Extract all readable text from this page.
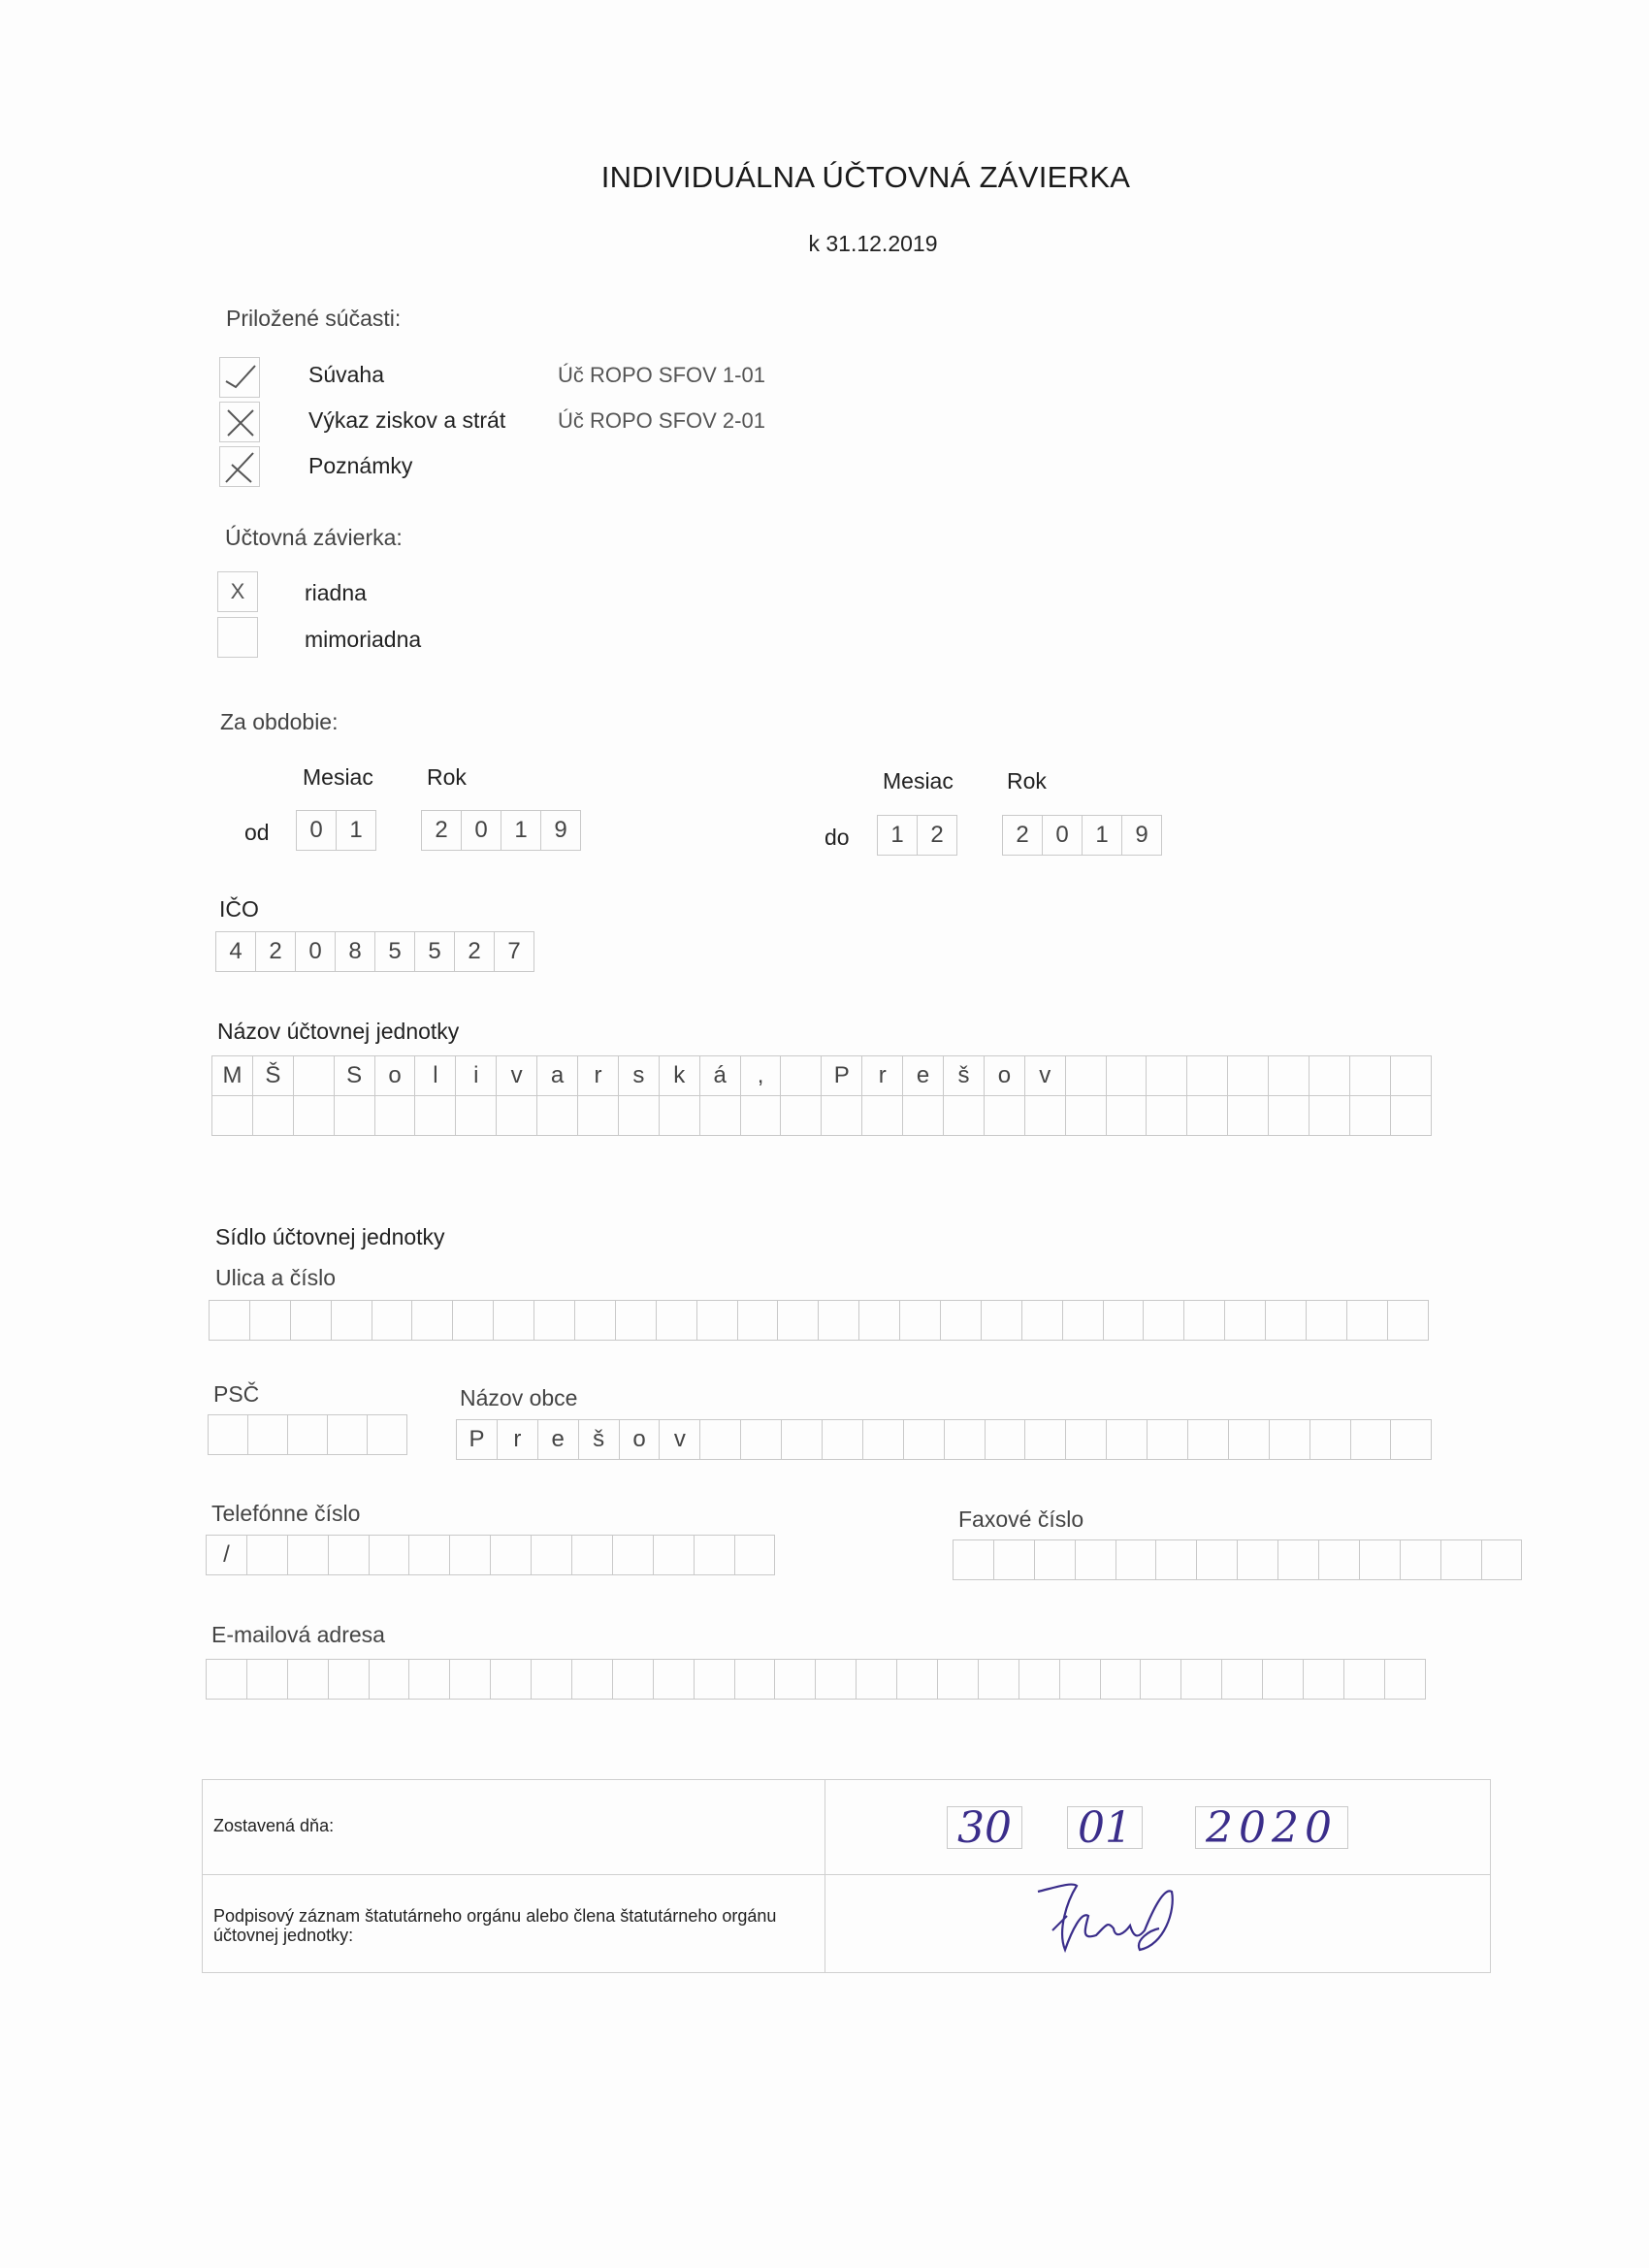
INDIVIDUÁLNA ÚČTOVNÁ ZÁVIERKA
k 31.12.2019
Priložené súčasti:
Súvaha	Úč ROPO SFOV 1-01
Výkaz ziskov a strát Úč ROPO SFOV 2-01
Poznámky
Účtovná závierka:
X	riadna
mimoriadna
Za obdobie:
Mesiac Rok	Mesiac Rok
od	0	1	2	0	1	9	do	1	2	2	0	1	9
IČO
4	2	0	8	5	5	2	7
Názov účtovnej jednotky
M Š	S	o	l	i	v	a	r	s	k	á	,	P	r	e	š	o	v
Sídlo účtovnej jednotky
Ulica a číslo
PSČ	Názov obce
P	r	e	š	o	v
Telefónne číslo
/
Faxové číslo
E-mailová adresa
Zostavená dňa:	30 01 2020
Podpisový záznam štatutárneho orgánu alebo člena štatutárneho orgánu účtovnej jednotky:
